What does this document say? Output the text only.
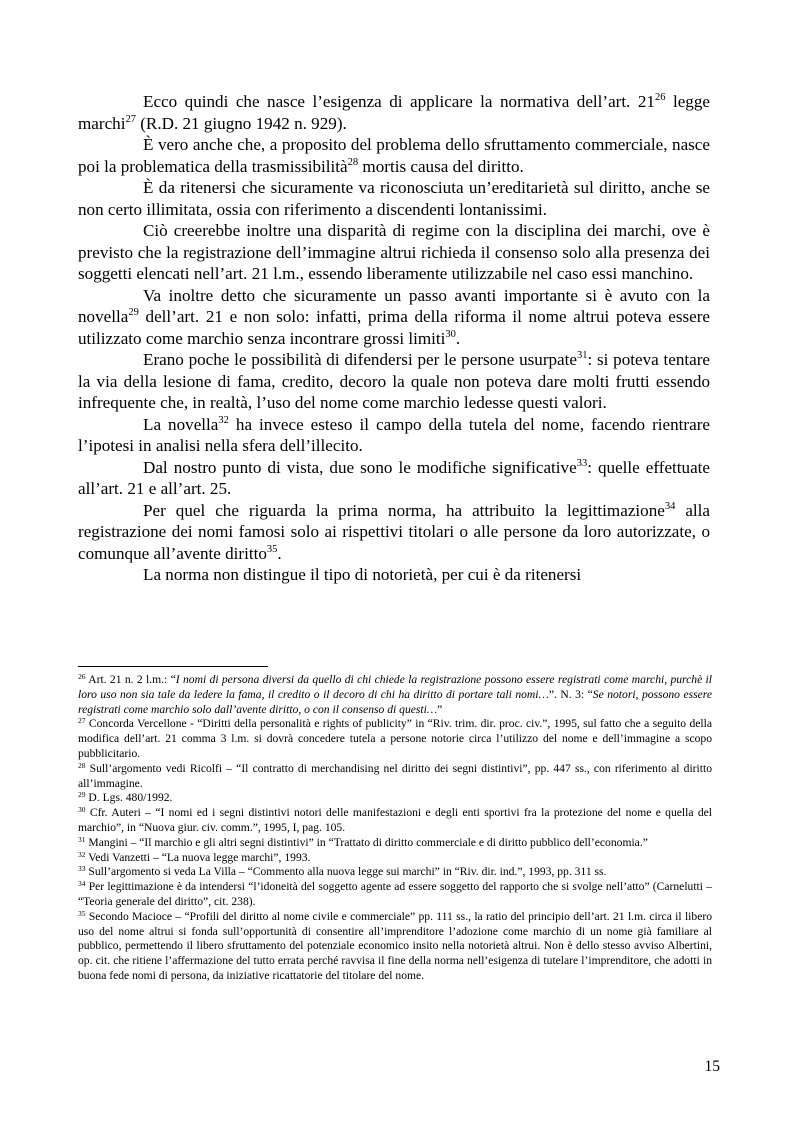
Ecco quindi che nasce l’esigenza di applicare la normativa dell’art. $21^{26}$ legge marchi$^{27}$ (R.D. 21 giugno 1942 n. 929).

È vero anche che, a proposito del problema dello sfruttamento commerciale, nasce poi la problematica della trasmissibilità$^{28}$ mortis causa del diritto.

È da ritenersi che sicuramente va riconosciuta un’ereditarietà sul diritto, anche se non certo illimitata, ossia con riferimento a discendenti lontanissimi.

Ciò creerebbe inoltre una disparità di regime con la disciplina dei marchi, ove è previsto che la registrazione dell’immagine altrui richieda il consenso solo alla presenza dei soggetti elencati nell’art. 21 l.m., essendo liberamente utilizzabile nel caso essi manchino.

Va inoltre detto che sicuramente un passo avanti importante si è avuto con la novella$^{29}$ dell’art. 21 e non solo: infatti, prima della riforma il nome altrui poteva essere utilizzato come marchio senza incontrare grossi limiti$^{30}$.

Erano poche le possibilità di difendersi per le persone usurpate$^{31}$: si poteva tentare la via della lesione di fama, credito, decoro la quale non poteva dare molti frutti essendo infrequente che, in realtà, l’uso del nome come marchio ledesse questi valori.

La novella$^{32}$ ha invece esteso il campo della tutela del nome, facendo rientrare l’ipotesi in analisi nella sfera dell’illecito.

Dal nostro punto di vista, due sono le modifiche significative$^{33}$: quelle effettuate all’art. 21 e all’art. 25.

Per quel che riguarda la prima norma, ha attribuito la legittimazione$^{34}$ alla registrazione dei nomi famosi solo ai rispettivi titolari o alle persone da loro autorizzate, o comunque all’avente diritto$^{35}$.

La norma non distingue il tipo di notorietà, per cui è da ritenersi

$^{26}$ Art. 21 n. 2 l.m.: “I nomi di persona diversi da quello di chi chiede la registrazione possono essere registrati come marchi, purchè il loro uso non sia tale da ledere la fama, il credito o il decoro di chi ha diritto di portare tali nomi…”. N. 3: “Se notori, possono essere registrati come marchio solo dall’avente diritto, o con il consenso di questi…”

$^{27}$ Concorda Vercellone - “Diritti della personalità e rights of publicity” in “Riv. trim. dir. proc. civ.”, 1995, sul fatto che a seguito della modifica dell’art. 21 comma 3 l.m. si dovrà concedere tutela a persone notorie circa l’utilizzo del nome e dell’immagine a scopo pubblicitario.

$^{28}$ Sull’argomento vedi Ricolfi – “Il contratto di merchandising nel diritto dei segni distintivi”, pp. 447 ss., con riferimento al diritto all’immagine.

$^{29}$ D. Lgs. 480/1992.

$^{30}$ Cfr. Auteri – “I nomi ed i segni distintivi notori delle manifestazioni e degli enti sportivi fra la protezione del nome e quella del marchio”, in “Nuova giur. civ. comm.”, 1995, I, pag. 105.

$^{31}$ Mangini – “Il marchio e gli altri segni distintivi” in “Trattato di diritto commerciale e di diritto pubblico dell’economia.”

$^{32}$ Vedi Vanzetti – “La nuova legge marchi”, 1993.

$^{33}$ Sull’argomento si veda La Villa – “Commento alla nuova legge sui marchi” in “Riv. dir. ind.”, 1993, pp. 311 ss.

$^{34}$ Per legittimazione è da intendersi “l’idoneità del soggetto agente ad essere soggetto del rapporto che si svolge nell’atto” (Carnelutti – “Teoria generale del diritto”, cit. 238).

$^{35}$ Secondo Macioce – “Profili del diritto al nome civile e commerciale” pp. 111 ss., la ratio del principio dell’art. 21 l.m. circa il libero uso del nome altrui si fonda sull’opportunità di consentire all’imprenditore l’adozione come marchio di un nome già familiare al pubblico, permettendo il libero sfruttamento del potenziale economico insito nella notorietà altrui. Non è dello stesso avviso Albertini, op. cit. che ritiene l’affermazione del tutto errata perché ravvisa il fine della norma nell’esigenza di tutelare l’imprenditore, che adotti in buona fede nomi di persona, da iniziative ricattatorie del titolare del nome.

15
